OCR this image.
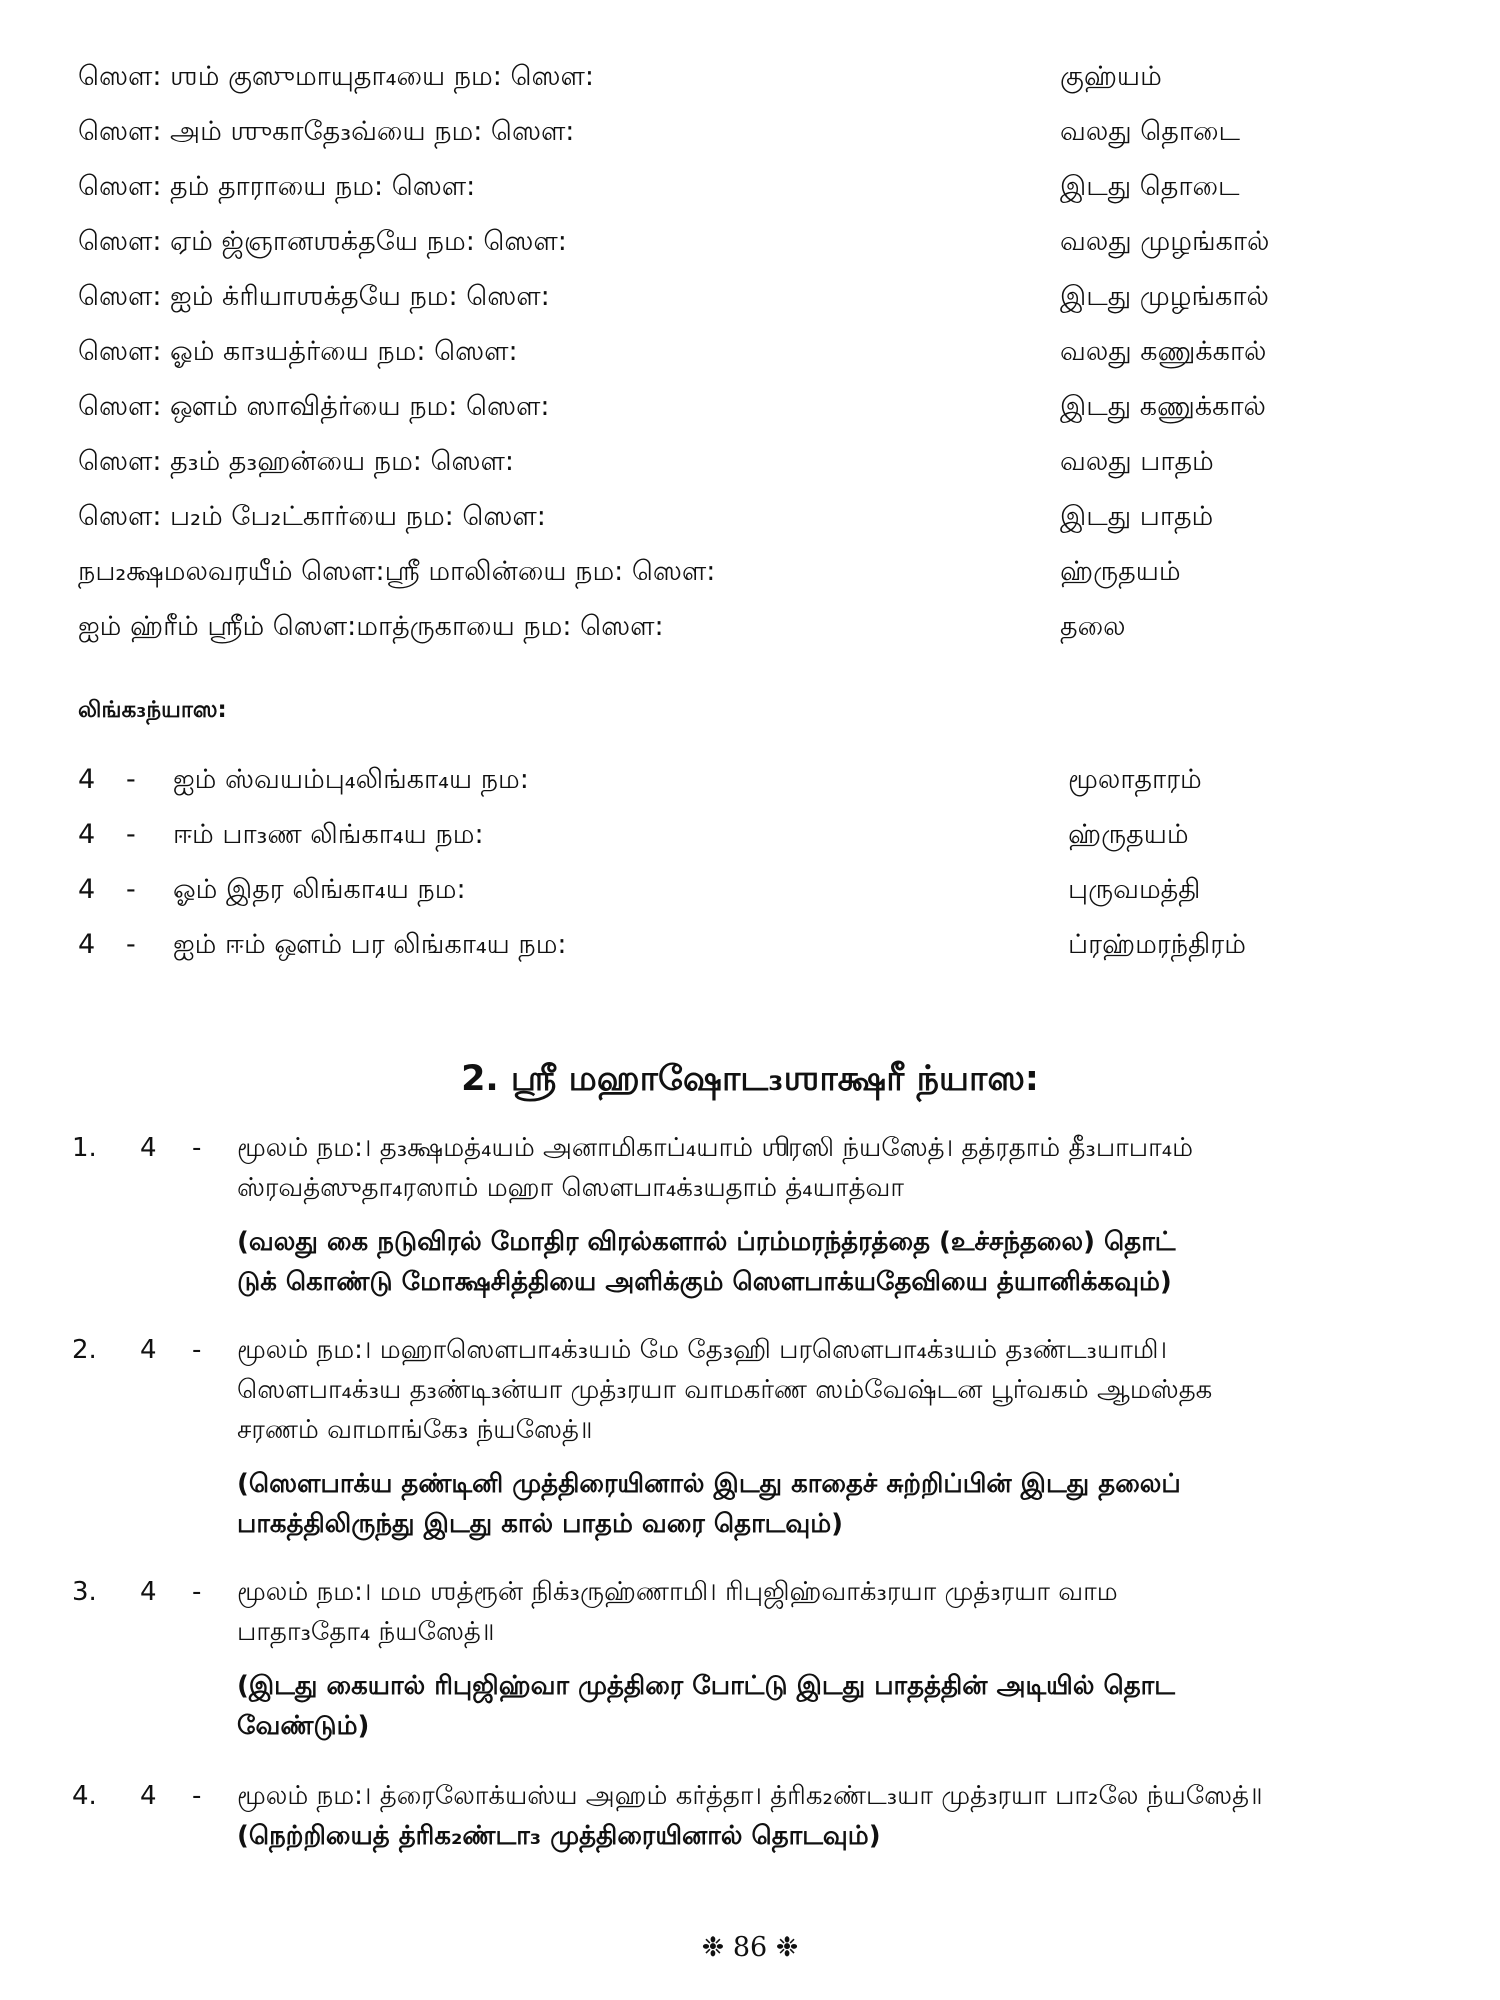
ஸௌ: ஶம் குஸுமாயுதா₄யை நம: ஸௌ:	குஹ்யம்
ஸௌ: அம் ஶுகாதே₃வ்யை நம: ஸௌ:	வலது தொடை
ஸௌ: தம் தாராயை நம: ஸௌ:	இடது தொடை
ஸௌ: ஏம் ஜ்ஞானஶக்தயே நம: ஸௌ:	வலது முழங்கால்
ஸௌ: ஐம் க்ரியாஶக்தயே நம: ஸௌ:	இடது முழங்கால்
ஸௌ: ஓம் கா₃யத்ர்யை நம: ஸௌ:	வலது கணுக்கால்
ஸௌ: ஔம் ஸாவித்ர்யை நம: ஸௌ:	இடது கணுக்கால்
ஸௌ: த₃ம் த₃ஹன்யை நம: ஸௌ:	வலது பாதம்
ஸௌ: ப₂ம் பே₂ட்கார்யை நம: ஸௌ:	இடது பாதம்
நப₂க்ஷமலவரயீம் ஸௌ:ஸ்ரீ மாலின்யை நம: ஸௌ:	ஹ்ருதயம்
ஐம் ஹ்ரீம் ஸ்ரீம் ஸௌ:மாத்ருகாயை நம: ஸௌ:	தலை
லிங்க₃ந்யாஸ:
4 - ஐம் ஸ்வயம்பு₄லிங்கா₄ய நம:	மூலாதாரம்
4 - ஈம் பா₃ண லிங்கா₄ய நம:	ஹ்ருதயம்
4 - ஓம் இதர லிங்கா₄ய நம:	புருவமத்தி
4 - ஐம் ஈம் ஔம் பர லிங்கா₄ய நம:	ப்ரஹ்மரந்திரம்
2. ஸ்ரீ மஹாஷோட₃ஶாக்ஷரீ ந்யாஸ:
1. 4 - மூலம் நம:। த₃க்ஷமத்₄யம் அனாமிகாப்₄யாம் ஶிரஸி ந்யஸேத்। தத்ரதாம் தீ₃பாபா₄ம்
ஸ்ரவத்ஸுதா₄ரஸாம் மஹா ஸௌபா₄க்₃யதாம் த்₄யாத்வா

(வலது கை நடுவிரல் மோதிர விரல்களால் ப்ரம்மரந்த்ரத்தை (உச்சந்தலை) தொட்
டுக் கொண்டு மோக்ஷசித்தியை அளிக்கும் ஸௌபாக்யதேவியை த்யானிக்கவும்)

2. 4 - மூலம் நம:। மஹாஸௌபா₄க்₃யம் மே தே₃ஹி பரஸௌபா₄க்₃யம் த₃ண்ட₃யாமி।
ஸௌபா₄க்₃ய த₃ண்டி₃ன்யா முத்₃ரயா வாமகர்ண ஸம்வேஷ்டன பூர்வகம் ஆமஸ்தக
சரணம் வாமாங்கே₃ ந்யஸேத்॥

(ஸௌபாக்ய தண்டினி முத்திரையினால் இடது காதைச் சுற்றிப்பின் இடது தலைப்
பாகத்திலிருந்து இடது கால் பாதம் வரை தொடவும்)

3. 4 - மூலம் நம:। மம ஶத்ரூன் நிக்₃ருஹ்ணாமி। ரிபுஜிஹ்வாக்₃ரயா முத்₃ரயா வாம
பாதா₃தோ₄ ந்யஸேத்॥

(இடது கையால் ரிபுஜிஹ்வா முத்திரை போட்டு இடது பாதத்தின் அடியில் தொட
வேண்டும்)

4. 4 - மூலம் நம:। த்ரைலோக்யஸ்ய அஹம் கர்த்தா। த்ரிக₂ண்ட₃யா முத்₃ரயா பா₂லே ந்யஸேத்॥
(நெற்றியைத் த்ரிக₂ண்டா₃ முத்திரையினால் தொடவும்)

❉ 86 ❉
